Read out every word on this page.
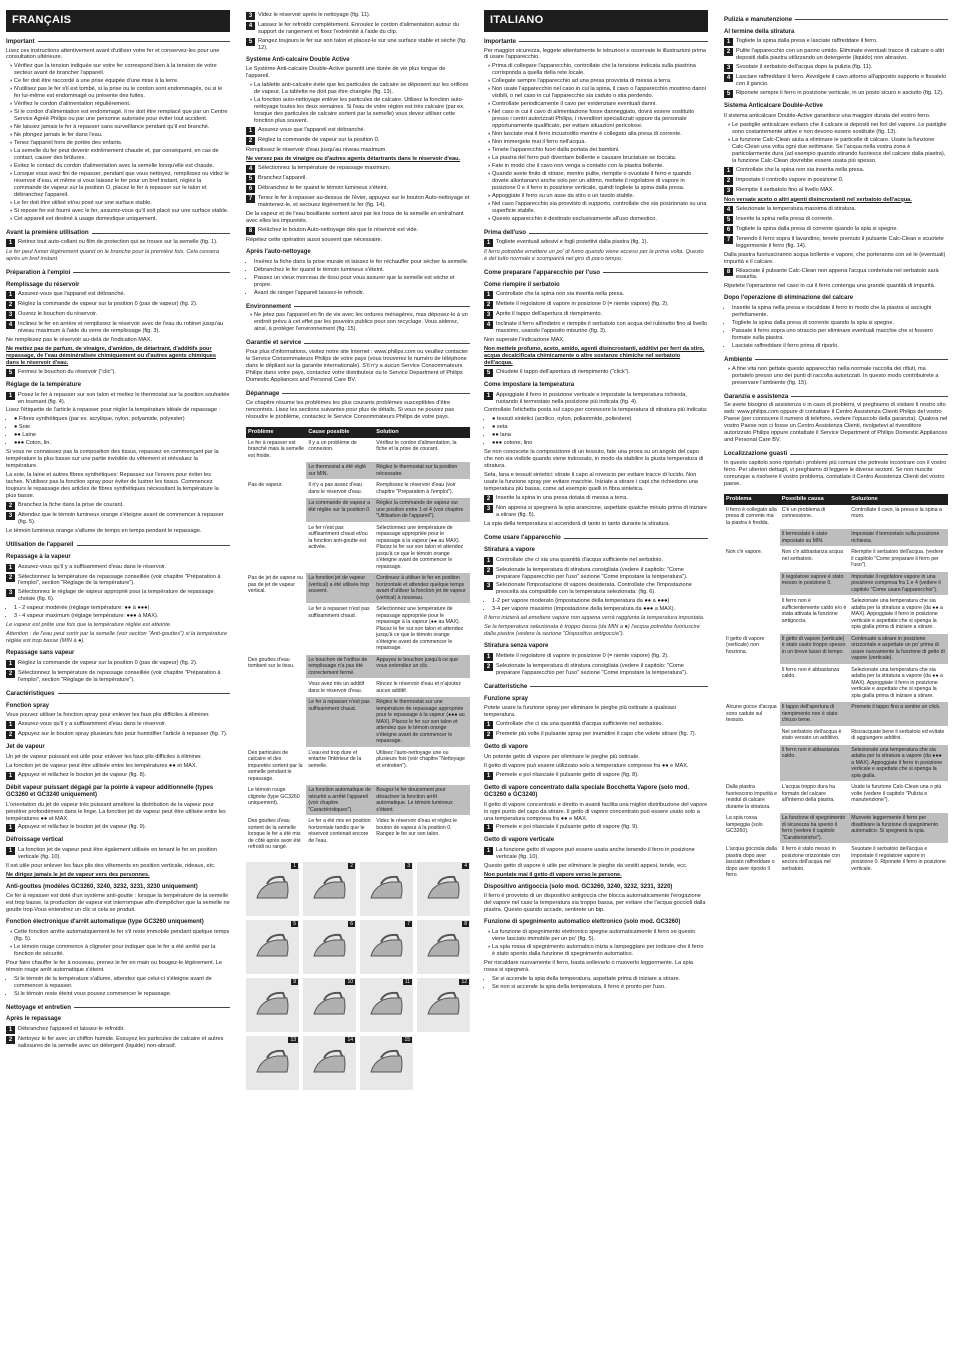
FRANÇAIS
Important

Lisez ces instructions attentivement avant d'utiliser votre fer et conservez-les pour une consultation ultérieure.

• Vérifiez que la tension indiquée sur votre fer correspond bien à la tension de votre secteur avant de brancher l'appareil.
• Ce fer doit être raccordé à une prise équipée d'une mise à la terre.
• N'utilisez pas le fer s'il est tombé, si la prise ou le cordon sont endommagés, ou si le fer lui-même est endommagé ou présente des fuites.
• Vérifiez le cordon d'alimentation régulièrement.
• Si le cordon d'alimentation est endommagé, il ne doit être remplacé que par un Centre Service Agréé Philips ou par une personne autorisée pour éviter tout accident.
• Ne laissez jamais le fer à repasser sans surveillance pendant qu'il est branché.
• Ne plongez jamais le fer dans l'eau.
• Tenez l'appareil hors de portée des enfants.
• La semelle du fer peut devenir extrêmement chaude et, par conséquent, en cas de contact, causer des brûlures.
• Évitez le contact du cordon d'alimentation avec la semelle lorsqu'elle est chaude.
• Lorsque vous avez fini de repasser, pendant que vous nettoyez, remplissez ou videz le réservoir d'eau, et même si vous laissez le fer pour un bref instant, réglez la commande de vapeur sur la position O, placez le fer à repasser sur le talon et débranchez l'appareil.
• Le fer doit être utilisé et/ou posé sur une surface stable.
• Si repose fer est fourni avec le fer, assurez-vous qu'il soit placé sur une surface stable.
• Cet appareil est destiné à usage domestique uniquement.
Avant la première utilisation
1	Retirez tout auto-collant ou film de protection qui se trouve sur la semelle (fig. 1).

Le fer peut fumer légèrement quand on le branche pour la première fois. Cela cessera après un bref instant.

Préparation à l'emploi
Remplissage du réservoir
1	Assurez-vous que l'appareil est débranché.
2	Réglez la commande de vapeur sur la position 0 (pas de vapeur) (fig. 2).
3	Ouvrez le bouchon du réservoir.
4	Inclinez le fer en arrière et remplissez le réservoir avec de l'eau du robinet jusqu'au niveau maximum à l'aide du verre de remplissage (fig. 3).

Ne remplissez pas le réservoir au-delà de l'indication MAX.

Ne mettez pas de parfum, de vinaigre, d'amidon, de détartrant, d'additifs pour repassage, de l'eau déminéralisée chimiquement ou d'autres agents chimiques dans le réservoir d'eau.

5	Fermez le bouchon du réservoir ("clic").
Réglage de la température
1	Posez le fer à repasser sur son talon et mettez le thermostat sur la position souhaitée en tournant (fig. 4).

Lisez l'étiquette de l'article à repasser pour régler la température idéale de repassage :

• ● Fibres synthétiques (par ex. acrylique, nylon, polyamide, polyester)
• ● Soie
• ●● Laine
• ●●● Coton, lin.

Si vous ne connaissez pas la composition des tissus, repassez en commençant par la température la plus basse sur une partie invisible du vêtement et réévaluez la température.

La soie, la laine et autres fibres synthétiques: Repassez sur l'envers pour éviter les taches. N'utilisez pas la fonction spray pour éviter de lustrer les tissus. Commencez toujours le repassage des articles de fibres synthétiques nécessitant la température la plus basse.

2	Branchez la fiche dans la prise de courant.
3	Attendez que le témoin lumineux orange s'éteigne avant de commencer à repasser (fig. 5).

Le témoin lumineux orange s'allume de temps en temps pendant le repassage.

Utilisation de l'appareil
Repassage à la vapeur
1	Assurez-vous qu'il y a suffisamment d'eau dans le réservoir.
2	Sélectionnez la température de repassage conseillée (voir chapitre "Préparation à l'emploi", section "Réglage de la température").
3	Sélectionnez le réglage de vapeur approprié pour la température de repassage choisie (fig. 6).
• 1 - 2 vapeur modérée (réglage température: ●● à ●●●)
• 3 - 4 vapeur maximum (réglage température: ●●● à MAX).

Le vapeur est prête une fois que la température réglée est atteinte.

Attention : de l'eau peut sortir par la semelle (voir section "Anti-gouttes") si la température réglée est trop basse (MIN à ●).

Repassage sans vapeur
1	Réglez la commande de vapeur sur la position 0 (pas de vapeur) (fig. 2).
2	Sélectionnez la température de repassage conseillée (voir chapitre "Préparation à l'emploi", section "Réglage de la température").
Caractéristiques
Fonction spray

Vous pouvez utiliser la fonction spray pour enlever les faux plis difficiles à éliminer.

1	Assurez-vous qu'il y a suffisamment d'eau dans le réservoir.
2	Appuyez sur le bouton spray plusieurs fois pour humidifier l'article à repasser (fig. 7).
Jet de vapeur

Un jet de vapeur puissant est utile pour enlever les faux plis difficiles à éliminer.

La fonction jet de vapeur peut être utilisée entre les températures ●● et MAX.

1	Appuyez et relâchez le bouton jet de vapeur (fig. 8).
Débit vapeur puissant dégagé par la pointe à vapeur additionnelle (types GC3260 et GC3240 uniquement)

L'orientation du jet de vapeur très puissant améliore la distribution de la vapeur pour pénétrer profondément dans le linge. La fonction jet de vapeur peut être utilisée entre les températures ●● et MAX.

1	Appuyez et relâchez le bouton jet de vapeur (fig. 9).
Défroissage vertical
1	La fonction jet de vapeur peut être également utilisée en tenant le fer en position verticale (fig. 10).

Il est utile pour enlever les faux plis des vêtements en position verticale, rideaux, etc.

Ne dirigez jamais le jet de vapeur vers des personnes.

Anti-gouttes (modèles GC3260, 3240, 3232, 3231, 3230 uniquement)

Ce fer à repasser est doté d'un système anti-goutte : lorsque la température de la semelle est trop basse, la production de vapeur est interrompue afin d'empêcher que la semelle ne goutte trop.Vous entendrez un clic si cela se produit.

Fonction électronique d'arrêt automatique (type GC3260 uniquement)
• Cette fonction arrête automatiquement le fer s'il reste immobile pendant quelque temps (fig. 5).
• Le témoin rouge commence à clignoter pour indiquer que le fer a été arrêté par la fonction de sécurité.

Pour faire chauffer le fer à nouveau, prenez le fer en main ou bougez-le légèrement. Le témoin rouge arrêt automatique s'éteint.

• Si le témoin de la température s'allume, attendez que celui-ci s'éteigne avant de commencer à repasser.
• Si le témoin reste éteint vous pouvez commencer le repassage.
Nettoyage et entretien
Après le repassage
1	Débranchez l'appareil et laissez-le refroidir.
2	Nettoyez le fer avec un chiffon humide. Essuyez les particules de calcaire et autres salissures de la semelle avec un détergent (liquide) non-abrasif.
3	Videz le réservoir après le nettoyage (fig. 11).
4	Laissez le fer refroidir complètement. Enroulez le cordon d'alimentation autour du support de rangement et fixez l'extrémité à l'aide du clip.
5	Rangez toujours le fer sur son talon et placez-le sur une surface stable et sèche (fig. 12).
Système Anti-calcaire Double Active

Le Système Anti-calcaire Double-Active garantit une durée de vie plus longue de l'appareil.

• La tablette anti-calcaire évite que les particules de calcaire se déposent sur les orifices de vapeur. La tablette ne doit pas être changée (fig. 13).
• La fonction auto-nettoyage enlève les particules de calcaire. Utilisez la fonction auto-nettoyage toutes les deux semaines. Si l'eau de votre région est très calcaire (par ex. lorsque des particules de calcaire sortent par la semelle) vous devez utiliser cette fonction plus souvent.
1	Assurez-vous que l'appareil est débranché.
2	Réglez la commande de vapeur sur la position 0.

Remplissez le réservoir d'eau jusqu'au niveau maximum.

Ne versez pas de vinaigre ou d'autres agents détartrants dans le réservoir d'eau.

4	Sélectionnez la température de repassage maximum.
5	Branchez l'appareil.
6	Débranchez le fer quand le témoin lumineux s'éteint.
7	Tenez le fer à repasser au-dessus de l'évier, appuyez sur le bouton Auto-nettoyage et maintenez-le, et secouez légèrement le fer (fig. 14).

De la vapeur et de l'eau bouillante sortent ainsi par les trous de la semelle en entraînant avec elles les impuretés.

8	Relâchez le bouton Auto-nettoyage dès que le réservoir est vide.

Répétez cette opération aussi souvent que nécessaire.

Après l'auto-nettoyage
• Insérez la fiche dans la prise murale et laissez le fer réchauffer pour sécher la semelle.
• Débranchez le fer quand le témoin lumineux s'éteint.
• Passez un vieux morceau de tissu pour vous assurer que la semelle est sèche et propre.
• Avant de ranger l'appareil laissez-le refroidir.
Environnement
• Ne jetez pas l'appareil en fin de vie avec les ordures ménagères, mas déposez-le à un endroit prévu à cet effet par les pouvoirs publics pour son recyclage. Vous aiderez, ainsi, à protéger l'environnement (fig. 15).
Garantie et service

Pour plus d'informations, visitez notre site Internet : www.philips.com ou veuillez contacter le Service Consommateurs Philips de votre pays (vous trouverez le numéro de téléphone dans le dépliant sur la garantie internationale). S'il n'y a aucun Service Consommateurs Philips dans votre pays, contactez votre distributeur ou le Service Department of Philips Domestic Appliances and Personal Care BV.

Dépannage

Ce chapitre résume les problèmes les plus courants problèmes susceptibles d'être rencontrés. Lisez les sections suivantes pour plus de détails. Si vous ne pouvez pas résoudre le problème, contactez le Service Consommateurs Philips de votre pays.

Problème	Cause possible	Solution
Le fer à repasser est branché mais la semelle est froide.	Il y a un problème de connexion.	Vérifiez le cordon d'alimentation, la fiche et la prise de courant.
	Le thermostat a été réglé sur MIN.	Réglez le thermostat sur la position nécessaire.
Pas de vapeur.	Il n'y a pas assez d'eau dans le réservoir d'eau.	Remplissez le réservoir d'eau (voir chapitre "Préparation à l'emploi").
	La commande de vapeur a été réglée sur la position 0.	Réglez la commande de vapeur sur une position entre 1 et 4 (voir chapitre "Utilisation de l'appareil").
	Le fer n'est pas suffisamment chaud et/ou la fonction anti-goutte est activée.	Sélectionnez une température de repassage appropriée pour le repassage à la vapeur (●● au MAX). Placez le fer sur son talon et attendez jusqu'à ce que le témoin orange s'éteigne avant de commencer le repassage.
Pas de jet de vapeur ou pas de jet de vapeur vertical.	La fonction jet de vapeur (vertical) a été utilisée trop souvent.	Continuez à utiliser le fer en position horizontale et attendez quelque temps avant d'utiliser la fonction jet de vapeur (vertical) à nouveau.
	Le fer à repasser n'est pas suffisamment chaud.	Sélectionnez une température de repassage appropriée pour le repassage à la vapeur (●● au MAX). Placez le fer sur son talon et attendez jusqu'à ce que le témoin orange s'éteigne avant de commencer le repassage.
Des gouttes d'eau tombent sur le tissu.	Le bouchon de l'orifice de remplissage n'a pas été correctement fermé.	Appuyez le bouchon jusqu'à ce que vous entendiez un clic.
	Vous avez mis un additif dans le réservoir d'eau.	Rincez le réservoir d'eau et n'ajoutez aucun additif.
	Le fer à repasser n'est pas suffisamment chaud.	Réglez le thermostat sur une température de repassage appropriée pour le repassage à la vapeur (●●● au MAX). Placez le fer sur son talon et attendez que le témoin orange s'éteigne avant de commencer le repassage.
Des particules de calcaire et des impuretés sortent par la semelle pendant le repassage.	L'eau est trop dure et entartre l'intérieur de la semelle.	Utilisez l'auto-nettoyage une ou plusieurs fois (voir chapitre "Nettoyage et entretien").
Le témoin rouge clignote (type GC3260 uniquement).	La fonction automatique de sécurité a arrêté l'appareil (voir chapitre "Caractéristiques").	Bougez le fer doucement pour désactiver la fonction arrêt automatique. Le témoin lumineux s'éteint.
Des gouttes d'eau sortent de la semelle lorsque le fer a été mis de côté après avoir été refroidi ou rangé.	Le fer a été mis en position horizontale tandis que le réservoir contenait encore de l'eau.	Videz le réservoir d'eau et réglez le bouton de vapeur à la position 0. Rangez le fer sur son talon.
1	2	3	4
5	6	7	8
9	10	11	12
13	14	15
ITALIANO
Importante

Per maggior sicurezza, leggete attentamente le istruzioni e osservate le illustrazioni prima di usare l'apparecchio.

• Prima di collegare l'apparecchio, controllate che la tensione indicata sulla piastrina corrisponda a quella della rete locale.
• Collegate sempre l'apparecchio ad una presa provvista di messa a terra.
• Non usate l'apparecchio nel caso in cui la spina, il cavo o l'apparecchio mostrino danni visibili, o nel caso in cui l'apparecchio sia caduto o stia perdendo.
• Controllate periodicamente il cavo per evidenziare eventuali danni.
• Nel caso in cui il cavo di alimentazione fosse danneggiato, dovrà essere sostituito presso i centri autorizzati Philips, i rivenditori specializzati oppure da personale opportunamente qualificato, per evitare situazioni pericolose.
• Non lasciate mai il ferro incustodito mentre è collegato alla presa di corrente.
• Non immergete mai il ferro nell'acqua.
• Tenete l'apparecchio fuori dalla portata dei bambini.
• La piastra del ferro può diventare bollente e causare bruciature se toccata.
• Fate in modo che il cavo non venga a contatto con la piastra bollente.
• Quando avete finito di stirare, mentre pulite, riempite o svuotate il ferro e quando dovete allontanarvi anche solo per un attimo, mettete il regolatore di vapore in posizione 0 e il ferro in posizione verticale, quindi togliete la spina dalla presa.
• Appoggiate il ferro su un asse da stiro o un tavolo stabile.
• Nel caso l'apparecchio sia provvisto di supporto, controllate che sia posizionato su una superficie stabile.
• Questo apparecchio è destinato esclusivamente all'uso domestico.
Prima dell'uso
1	Togliete eventuali adesivi e fogli protettivi dalla piastra (fig. 1).

Il ferro potrebbe emettere un po' di fumo quando viene acceso per la prima volta. Questo è del tutto normale e scomparirà nel giro di poco tempo.

Come preparare l'apparecchio per l'uso
Come riempire il serbatoio
1	Controllate che la spina non sia inserita nella presa.
2	Mettete il regolatore di vapore in posizione 0 (= niente vapore) (fig. 2).
3	Aprite il tappo dell'apertura di riempimento.
4	Inclinate il ferro all'indietro e riempite il serbatoio con acqua del rubinetto fino al livello massimo, usando l'apposito misurino (fig. 3).

Non superate l'indicazione MAX.

Non mettete profumo, aceto, amido, agenti disincrostanti, additivi per ferri da stiro, acqua decalcificata chimicamente o altre sostanze chimiche nel serbatoio dell'acqua.

5	Chiudete il tappo dell'apertura di riempimento ("click").
Come impostare la temperatura
1	Appoggiate il ferro in posizione verticale e impostate la temperatura richiesta, ruotando il termostato nella posizione più indicata (fig. 4).

Controllate l'etichetta posta sul capo per conoscere la temperatura di stiratura più indicata:

• ● tessuti sintetici (acrilico, nylon, poliammide, poliestere)
• ● seta
• ●● lana
• ●●● cotone, lino

Se non conoscete la composizione di un tessuto, fate una prova su un angolo del capo che non sia visibile quando viene indossato, in modo da stabilire la giusta temperatura di stiratura.

Seta, lana e tessuti sintetici: stirate il capo al rovescio per evitare tracce di lucido. Non usate la funzione spray per evitare macchie. Iniziate a stirare i capi che richiedono una temperatura più bassa, come ad esempio quelli in fibra sintetica.

2	Inserite la spina in una presa dotata di messa a terra.
3	Non appena si spegnerà la spia arancione, aspettate qualche minuto prima di iniziare a stirare (fig. 5).

La spia della temperatura si accenderà di tanto in tanto durante la stiratura.

Come usare l'apparecchio
Stiratura a vapore
1	Controllate che ci sia una quantità d'acqua sufficiente nel serbatoio.
2	Selezionate la temperatura di stiratura consigliata (vedere il capitolo: "Come preparare l'apparecchio per l'uso" sezione "Come impostare la temperatura").
3	Selezionate l'impostazione di vapore desiderata. Controllate che l'impostazione prescelta sia compatibile con la temperatura selezionata: (fig. 6).
• 1-2 per vapore moderato (impostazione della temperatura da ●● a ●●●)
• 3-4 per vapore massimo (impostazione della temperatura da ●●● a MAX).

Il ferro inizierà ad emettere vapore non appena verrà raggiunta la temperatura impostata.

Se la temperatura selezionata è troppo bassa (da MIN a ●) l'acqua potrebbe fuoriuscire dalla piastra (vedere la sezione "Dispositivo antigoccia").

Stiratura senza vapore
1	Mettete il regolatore di vapore in posizione 0 (= niente vapore) (fig. 2).
2	Selezionate la temperatura di stiratura consigliata (vedere il capitolo: "Come preparare l'apparecchio per l'uso" sezione "Come impostare la temperatura").
Caratteristiche
Funzione spray

Potete usare la funzione spray per eliminare le pieghe più ostinate a qualsiasi temperatura.

1	Controllate che ci sia una quantità d'acqua sufficiente nel serbatoio.
2	Premete più volte il pulsante spray per inumidire il capo che volete stirare (fig. 7).
Getto di vapore

Un potente getto di vapore per eliminare le pieghe più ostinate.

Il getto di vapore può essere utilizzato solo a temperature comprese fra ●● e MAX.

1	Premete e poi rilasciate il pulsante getto di vapore (fig. 8).
Getto di vapore concentrato dalla speciale Bocchetta Vapore (solo mod. GC3260 e GC3240)

Il getto di vapore concentrato e diretto in avanti facilita una miglior distribuzione del vapore in ogni punto del capo da stirare. Il getto di vapore concentrato può essere usato solo a una temperatura compresa fra ●● e MAX.

1	Premete e poi rilasciate il pulsante getto di vapore (fig. 9).
Getto di vapore verticale
1	La funzione getto di vapore può essere usata anche tenendo il ferro in posizione verticale (fig. 10).

Questo getto di vapore è utile per eliminare le pieghe da vestiti appesi, tende, ecc.

Non puntate mai il getto di vapore verso le persone.

Dispositivo antigoccia (solo mod. GC3260, 3240, 3232, 3231, 3220)

Il ferro è provvisto di un dispositivo antigoccia che blocca automaticamente l'erogazione del vapore nel caso la temperatura sia troppo bassa, per evitare che l'acqua goccioli dalla piastra. Questo quando accade, sentirete un bip.

Funzione di spegnimento automatico elettronico (solo mod. GC3260)
• La funzione di spegnimento elettronico spegne automaticamente il ferro se questo viene lasciato immobile per un po' (fig. 5).
• La spia rossa di spegnimento automatico inizia a lampeggiare per indicare che il ferro è stato spento dalla funzione di spegnimento automatico.

Per riscaldare nuovamente il ferro, basta sollevarlo o muoverlo leggermente. La spia rossa si spegnerà.

• Se si accende la spia della temperatura, aspettate prima di iniziare a stirare.
• Se non si accende la spia della temperatura, il ferro è pronto per l'uso.
Pulizia e manutenzione
Al termine della stiratura
1	Togliete la spina dalla presa e lasciate raffreddare il ferro.
2	Pulite l'apparecchio con un panno umido. Eliminate eventuali tracce di calcare o altri depositi dalla piastra utilizzando un detergente (liquido) non abrasivo.
3	Svuotate il serbatoio dell'acqua dopo la pulizia (fig. 11).
4	Lasciare raffreddare il ferro. Avvolgete il cavo attorno all'apposito supporto e fissatelo con il gancio.
5	Riponete sempre il ferro in posizione verticale, in un posto sicuro e asciutto (fig. 12).
Sistema Anticalcare Double-Active

Il sistema anticalcare Double-Active garantisce una maggior durata del vostro ferro.

• Le pastiglie anticalcare evitano che il calcare si depositi nei fori del vapore. Le pastiglie sono costantemente attive e non devono essere sostituite (fig. 13).
• La funzione Calc-Clean aiuta a eliminare le particelle di calcare. Usate la funzione Calc-Clean una volta ogni due settimane. Se l'acqua nella vostra zona è particolarmente dura (ad esempio quando stirando fuoriesce del calcare dalla piastra), la funzione Calc-Clean dovrebbe essere usata più spesso.
1	Controllate che la spina non sia inserita nella presa.
2	Impostate il controllo vapore in posizione 0.
3	Riempite il serbatoio fino al livello MAX.

Non versate aceto o altri agenti disincrostanti nel serbatoio dell'acqua.

4	Selezionate la temperatura massima di stiratura.
5	Inserite la spina nella presa di corrente.
6	Togliete la spina dalla presa di corrente quando la spia si spegne.
7	Tenendo il ferro sopra il lavandino, tenete premuto il pulsante Calc-Clean e scuotete leggermente il ferro (fig. 14).

Dalla piastra fuoriusciranno acqua bollente e vapore, che porteranno con sé le (eventuali) impurità e il calcare.

8	Rilasciate il pulsante Calc-Clean non appena l'acqua contenuta nel serbatoio sarà esaurita.

Ripetete l'operazione nel caso in cui il ferro contenga una grande quantità di impurità.

Dopo l'operazione di eliminazione del calcare
• Inserite la spina nella presa e riscaldate il ferro in modo che la piastra si asciughi perfettamente.
• Togliete la spina dalla presa di corrente quando la spia si spegne.
• Passate il ferro sopra uno straccio per eliminare eventuali macchie che si fossero formate sulla piastra.
• Lasciate raffreddare il ferro prima di riporlo.
Ambiente
• A fine vita non gettate questo apparecchio nella normale raccolta dei rifiuti, ma portatelo presso uno dei punti di raccolta autorizzati. In questo modo contribuirete a preservare l'ambiente (fig. 15).
Garanzia e assistenza

Se avete bisogno di assistenza o in caso di problemi, vi preghiamo di visitare il nostro sito web: www.philips.com oppure di contattare il Centro Assistenza Clienti Philips del vostro Paese (per conoscere il numero di telefono, vedere l'opuscolo della garanzia). Qualora nel vostro Paese non ci fosse un Centro Assistenza Clienti, rivolgetevi al rivenditore autorizzato Philips oppure contattate il Service Department of Philips Domestic Appliances and Personal Care BV.

Localizzazione guasti

In questo capitolo sono riportati i problemi più comuni che potreste incontrare con il vostro ferro. Per ulteriori dettagli, vi preghiamo di leggere le diverse sezioni. Se non riuscite comunque a risolvere il vostro problema, contattate il Centro Assistenza Clienti del vostro paese.

Problema	Possibile causa	Soluzione
Il ferro è collegato alla presa di corrente ma la piastra è fredda.	C'è un problema di connessione.	Controllate il cavo, la presa e la spina a muro.
	Il termostato è stato impostato su MIN.	Impostate il termostato sulla posizione richiesta.
Non c'è vapore.	Non c'è abbastanza acqua nel serbatoio.	Riempite il serbatoio dell'acqua. (vedere il capitolo "Come preparare il ferro per l'uso").
	Il regolatore vapore è stato messo in posizione 0.	Impostate il regolatore vapore in una posizione compresa fra 1 e 4 (vedere il capitolo "Come usare l'apparecchio").
	Il ferro non è sufficientemente caldo e/o è stata attivata la funzione antigoccia.	Selezionate una temperatura che sia adatta per la stiratura a vapore (da ●● a MAX). Appoggiate il ferro in posizione verticale e aspettate che si spenga la spia gialla prima di iniziare a stirare.
Il getto di vapore (verticale) non funziona.	Il getto di vapore (verticale) è stato usato troppo spesso in un breve lasso di tempo.	Continuate a stirare in posizione orizzontale e aspettate un po' prima di usare nuovamente la funzione di getto di vapore (verticale).
	Il ferro non è abbastanza caldo.	Selezionate una temperatura che sia adatta per la stiratura a vapore (da ●● a MAX). Appoggiate il ferro in posizione verticale e aspettate che si spenga la spia gialla prima di iniziare a stirare.
Alcune gocce d'acqua sono cadute sul tessuto.	Il tappo dell'apertura di riempimento non è stato chiuso bene.	Premete il tappo fino a sentire un click.
	Nel serbatoio dell'acqua è stato versato un additivo.	Risciacquate bene il serbatoio ed evitate di aggiungere additivi.
	Il ferro non è abbastanza caldo.	Selezionate una temperatura che sia adatta per la stiratura a vapore (da ●●● a MAX). Appoggiate il ferro in posizione verticale e aspettate che si spenga la spia gialla.
Dalla piastra fuoriescono impurità e residui di calcare durante la stiratura.	L'acqua troppo dura ha formato del calcare all'interno della piastra.	Usate la funzione Calc-Clean una o più volte (vedere il capitolo "Pulizia e manutenzione").
La spia rossa lampeggia (solo GC3260).	La funzione di spegnimento di sicurezza ha spento il ferro (vedere il capitolo "Caratteristiche").	Muovete leggermente il ferro per disattivare la funzione di spegnimento automatico. Si spegnerà la spia.
L'acqua gocciola dalla piastra dopo aver lasciato raffreddare o dopo aver riposto il ferro.	Il ferro è stato messo in posizione orizzontale con ancora dell'acqua nel serbatoio.	Svuotate il serbatoio dell'acqua e impostate il regolatore vapore in posizione 0. Riponete il ferro in posizione verticale.
